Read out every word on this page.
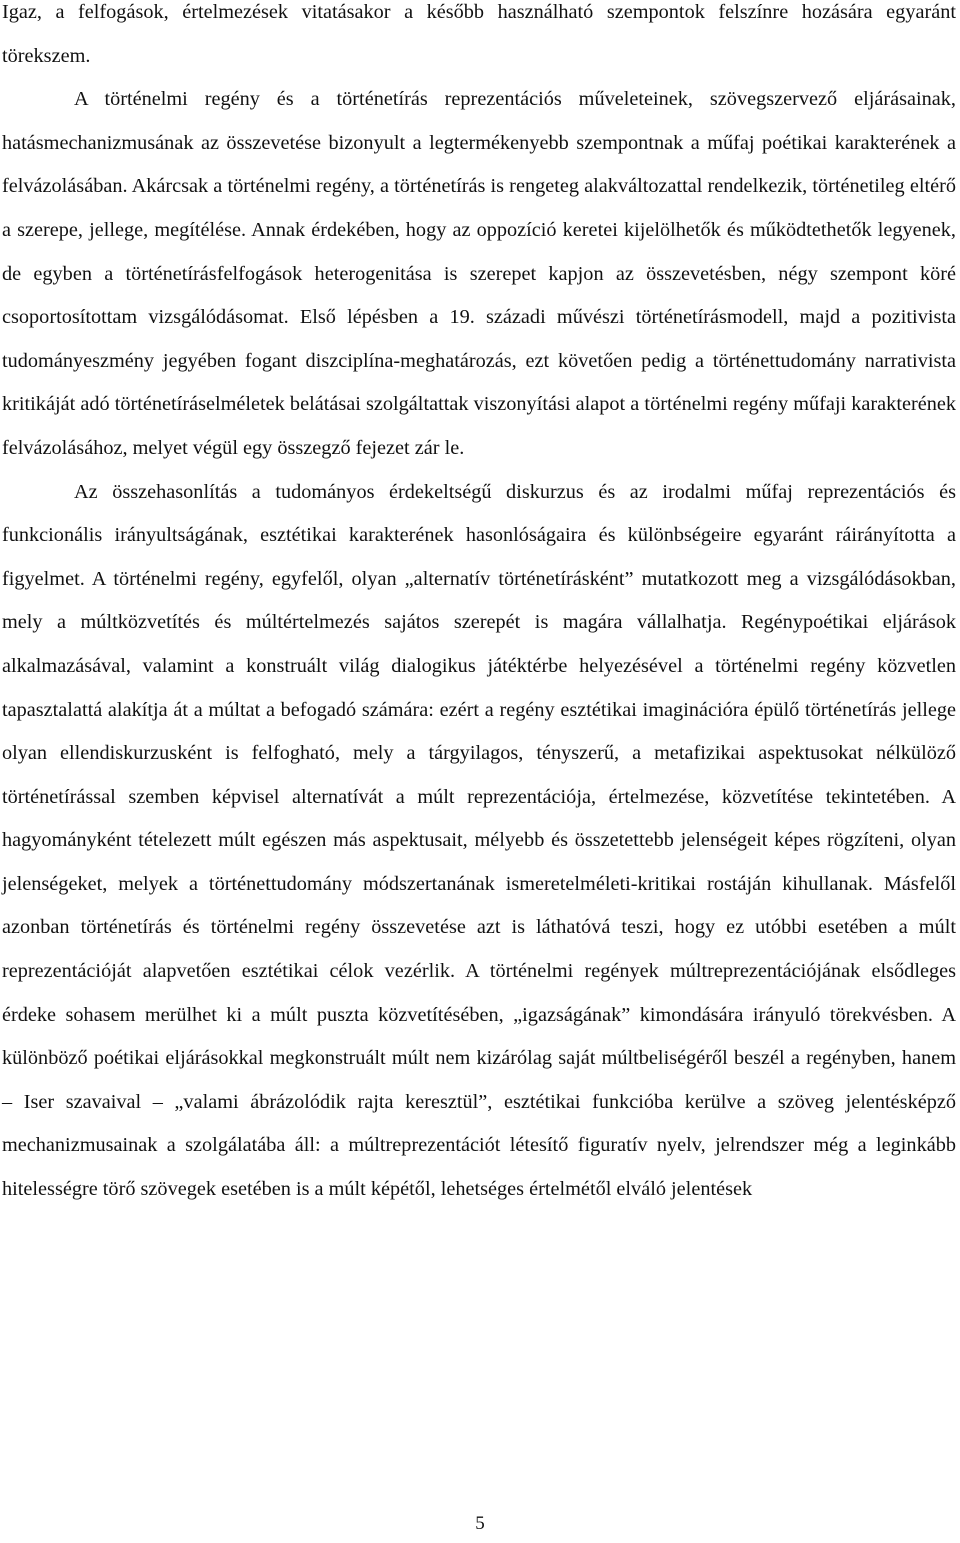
Igaz, a felfogások, értelmezések vitatásakor a később használható szempontok felszínre hozására egyaránt törekszem.

A történelmi regény és a történetírás reprezentációs műveleteinek, szövegszervező eljárásainak, hatásmechanizmusának az összevetése bizonyult a legtermékenyebb szempontnak a műfaj poétikai karakterének a felvázolásában. Akárcsak a történelmi regény, a történetírás is rengeteg alakváltozattal rendelkezik, történetileg eltérő a szerepe, jellege, megítélése. Annak érdekében, hogy az oppozíció keretei kijelölhetők és működtethetők legyenek, de egyben a történetírásfelfogások heterogenitása is szerepet kapjon az összevetésben, négy szempont köré csoportosítottam vizsgálódásomat. Első lépésben a 19. századi művészi történetírásmodell, majd a pozitivista tudományeszmény jegyében fogant diszciplína-meghatározás, ezt követően pedig a történettudomány narrativista kritikáját adó történetíráselméletek belátásai szolgáltattak viszonyítási alapot a történelmi regény műfaji karakterének felvázolásához, melyet végül egy összegző fejezet zár le.

Az összehasonlítás a tudományos érdekeltségű diskurzus és az irodalmi műfaj reprezentációs és funkcionális irányultságának, esztétikai karakterének hasonlóságaira és különbségeire egyaránt ráirányította a figyelmet. A történelmi regény, egyfelől, olyan „alternatív történetírásként” mutatkozott meg a vizsgálódásokban, mely a múltközvetítés és múltértelmezés sajátos szerepét is magára vállalhatja. Regénypoétikai eljárások alkalmazásával, valamint a konstruált világ dialogikus játéktérbe helyezésével a történelmi regény közvetlen tapasztalattá alakítja át a múltat a befogadó számára: ezért a regény esztétikai imaginációra épülő történetírás jellege olyan ellendiskurzusként is felfogható, mely a tárgyilagos, tényszerű, a metafizikai aspektusokat nélkülöző történetírással szemben képvisel alternatívát a múlt reprezentációja, értelmezése, közvetítése tekintetében. A hagyományként tételezett múlt egészen más aspektusait, mélyebb és összetettebb jelenségeit képes rögzíteni, olyan jelenségeket, melyek a történettudomány módszertanának ismeretelméleti-kritikai rostáján kihullanak. Másfelől azonban történetírás és történelmi regény összevetése azt is láthatóvá teszi, hogy ez utóbbi esetében a múlt reprezentációját alapvetően esztétikai célok vezérlik. A történelmi regények múltreprezentációjának elsődleges érdeke sohasem merülhet ki a múlt puszta közvetítésében, „igazságának” kimondására irányuló törekvésben. A különböző poétikai eljárásokkal megkonstruált múlt nem kizárólag saját múltbeliségéről beszél a regényben, hanem – Iser szavaival – „valami ábrázolódik rajta keresztül”, esztétikai funkcióba kerülve a szöveg jelentésképző mechanizmusainak a szolgálatába áll: a múltreprezentációt létesítő figuratív nyelv, jelrendszer még a leginkább hitelességre törő szövegek esetében is a múlt képétől, lehetséges értelmétől elváló jelentések

5
